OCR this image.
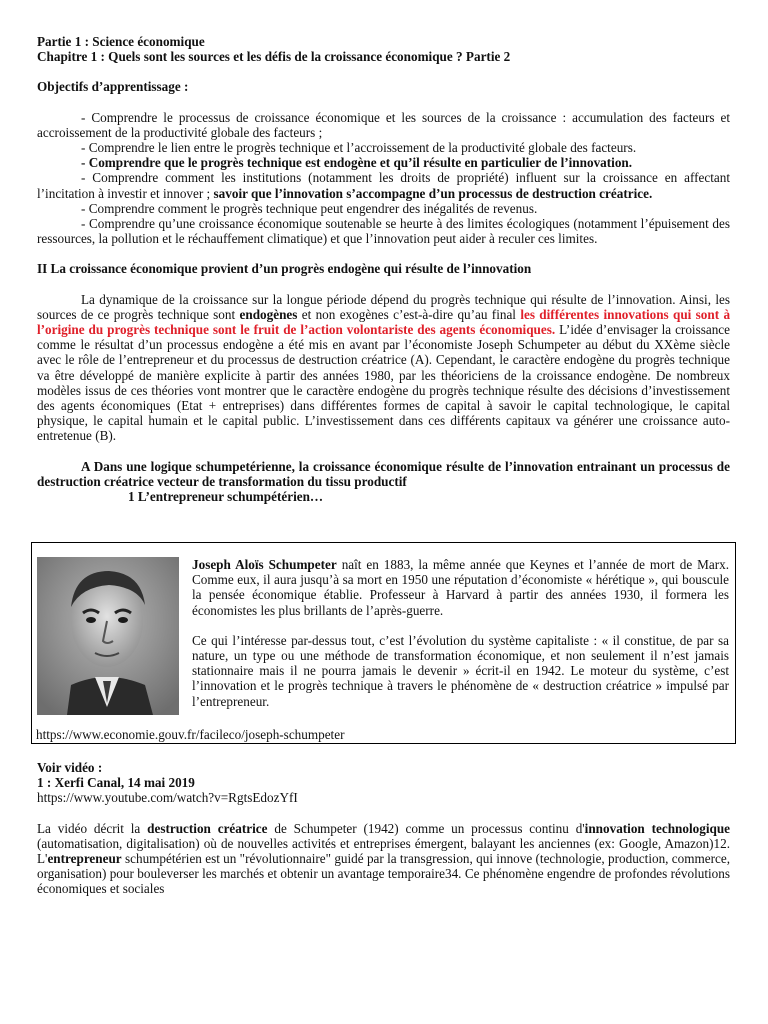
Partie 1 : Science économique

Chapitre 1 : Quels sont les sources et les défis de la croissance économique ? Partie 2

Objectifs d’apprentissage :

- Comprendre le processus de croissance économique et les sources de la croissance : accumulation des facteurs et accroissement de la productivité globale des facteurs ;

- Comprendre le lien entre le progrès technique et l’accroissement de la productivité globale des facteurs.

- Comprendre que le progrès technique est endogène et qu’il résulte en particulier de l’innovation.

- Comprendre comment les institutions (notamment les droits de propriété) influent sur la croissance en affectant l’incitation à investir et innover ; savoir que l’innovation s’accompagne d’un processus de destruction créatrice.

- Comprendre comment le progrès technique peut engendrer des inégalités de revenus.

- Comprendre qu’une croissance économique soutenable se heurte à des limites écologiques (notamment l’épuisement des ressources, la pollution et le réchauffement climatique) et que l’innovation peut aider à reculer ces limites.

II La croissance économique provient d’un progrès endogène qui résulte de l’innovation

La dynamique de la croissance sur la longue période dépend du progrès technique qui résulte de l’innovation. Ainsi, les sources de ce progrès technique sont endogènes et non exogènes c’est-à-dire qu’au final les différentes innovations qui sont à l’origine du progrès technique sont le fruit de l’action volontariste des agents économiques. L’idée d’envisager la croissance comme le résultat d’un processus endogène a été mis en avant par l’économiste Joseph Schumpeter au début du XXème siècle avec le rôle de l’entrepreneur et du processus de destruction créatrice (A). Cependant, le caractère endogène du progrès technique va être développé de manière explicite à partir des années 1980, par les théoriciens de la croissance endogène. De nombreux modèles issus de ces théories vont montrer que le caractère endogène du progrès technique résulte des décisions d’investissement des agents économiques (Etat + entreprises) dans différentes formes de capital à savoir le capital technologique, le capital physique, le capital humain et le capital public. L’investissement dans ces différents capitaux va générer une croissance auto-entretenue (B).

A Dans une logique schumpetérienne, la croissance économique résulte de l’innovation entrainant un processus de destruction créatrice vecteur de transformation du tissu productif

1 L’entrepreneur schumpétérien…

Joseph Aloïs Schumpeter naît en 1883, la même année que Keynes et l’année de mort de Marx. Comme eux, il aura jusqu’à sa mort en 1950 une réputation d’économiste « hérétique », qui bouscule la pensée économique établie. Professeur à Harvard à partir des années 1930, il formera les économistes les plus brillants de l’après-guerre.

Ce qui l’intéresse par-dessus tout, c’est l’évolution du système capitaliste : « il constitue, de par sa nature, un type ou une méthode de transformation économique, et non seulement il n’est jamais stationnaire mais il ne pourra jamais le devenir » écrit-il en 1942. Le moteur du système, c’est l’innovation et le progrès technique à travers le phénomène de « destruction créatrice » impulsé par l’entrepreneur.

https://www.economie.gouv.fr/facileco/joseph-schumpeter

Voir vidéo :

1 : Xerfi Canal, 14 mai 2019

https://www.youtube.com/watch?v=RgtsEdozYfI

La vidéo décrit la destruction créatrice de Schumpeter (1942) comme un processus continu d'innovation technologique (automatisation, digitalisation) où de nouvelles activités et entreprises émergent, balayant les anciennes (ex: Google, Amazon)12. L'entrepreneur schumpétérien est un "révolutionnaire" guidé par la transgression, qui innove (technologie, production, commerce, organisation) pour bouleverser les marchés et obtenir un avantage temporaire34. Ce phénomène engendre de profondes révolutions économiques et sociales
